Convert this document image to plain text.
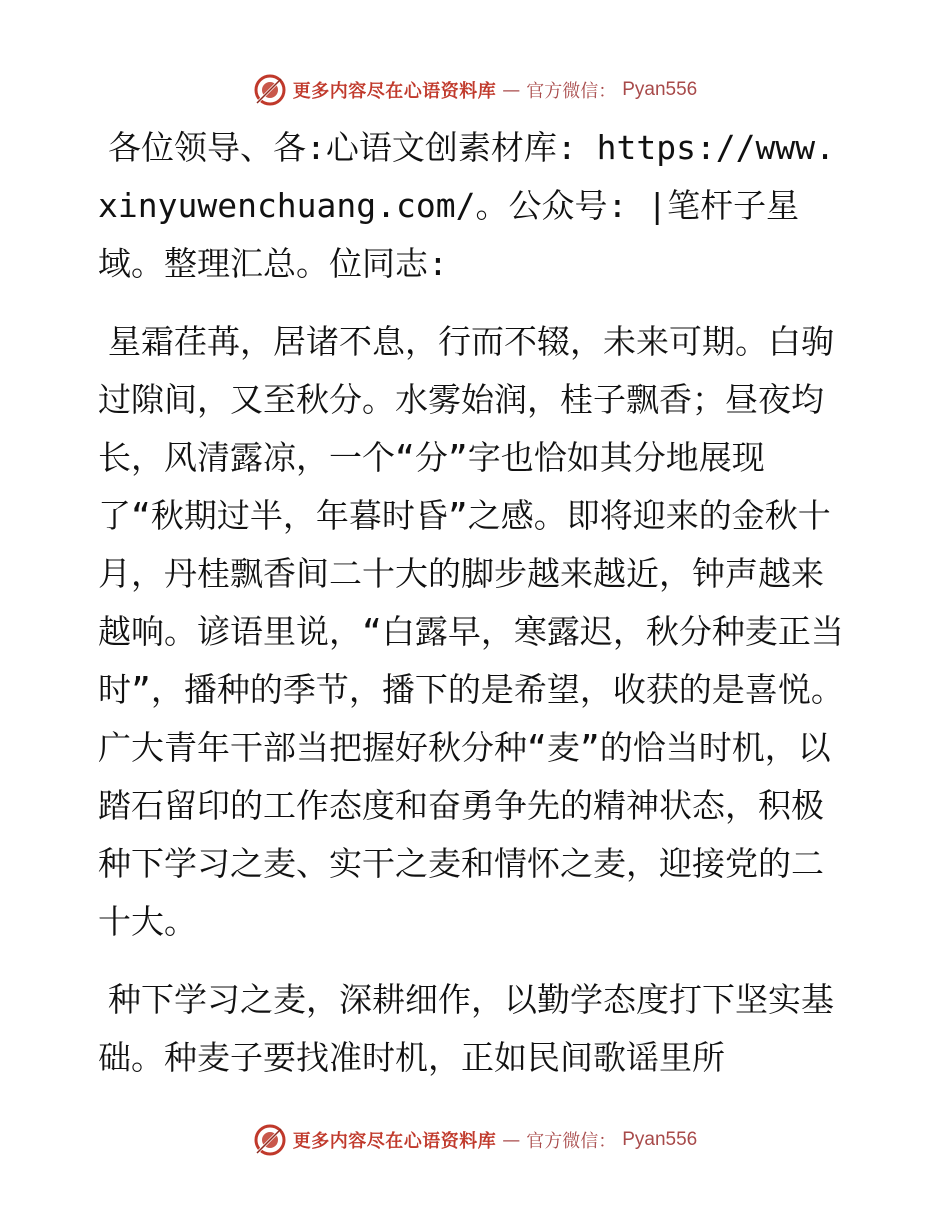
更多内容尽在心语资料库 — 官方微信： Pyan556

各位领导、各:心语文创素材库: https://www.xinyuwenchuang.com/。公众号: |笔杆子星域。整理汇总。位同志:

星霜荏苒，居诸不息，行而不辍，未来可期。白驹过隙间，又至秋分。水雾始润，桂子飘香；昼夜均长，风清露凉，一个“分”字也恰如其分地展现了“秋期过半，年暮时昏”之感。即将迎来的金秋十月，丹桂飘香间二十大的脚步越来越近，钟声越来越响。谚语里说，“白露早，寒露迟，秋分种麦正当时”，播种的季节，播下的是希望，收获的是喜悦。广大青年干部当把握好秋分种“麦”的恰当时机，以踏石留印的工作态度和奋勇争先的精神状态，积极种下学习之麦、实干之麦和情怀之麦，迎接党的二十大。

种下学习之麦，深耕细作，以勤学态度打下坚实基础。种麦子要找准时机，正如民间歌谣里所

更多内容尽在心语资料库 — 官方微信： Pyan556
